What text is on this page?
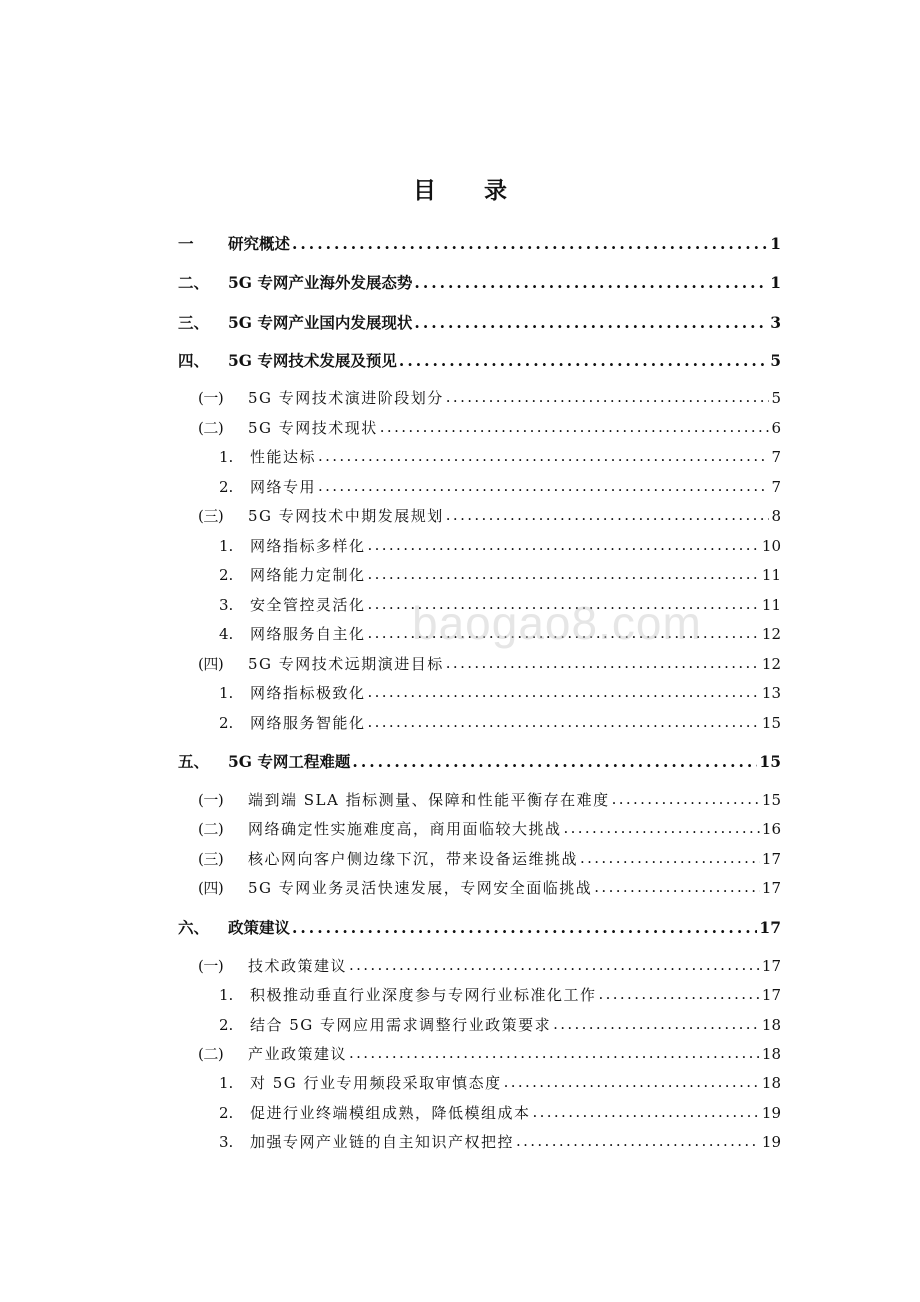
目 录
一	研究概述 . . .	1
二、	5G 专网产业海外发展态势 . . .	1
三、	5G 专网产业国内发展现状 . . .	3
四、	5G 专网技术发展及预见 . . .	5
(一)	5G 专网技术演进阶段划分 . . .	5
(二)	5G 专网技术现状 . . .	6
1.	性能达标 . . .	7
2.	网络专用 . . .	7
(三)	5G 专网技术中期发展规划 . . .	8
1.	网络指标多样化 . . .	10
2.	网络能力定制化 . . .	11
3.	安全管控灵活化 . . .	11
4.	网络服务自主化 . . .	12
(四)	5G 专网技术远期演进目标 . . .	12
1.	网络指标极致化 . . .	13
2.	网络服务智能化 . . .	15
五、	5G 专网工程难题 . . .	15
(一)	端到端 SLA 指标测量、保障和性能平衡存在难度 . . .	15
(二)	网络确定性实施难度高，商用面临较大挑战 . . .	16
(三)	核心网向客户侧边缘下沉，带来设备运维挑战 . . .	17
(四)	5G 专网业务灵活快速发展，专网安全面临挑战 . . .	17
六、	政策建议 . . .	17
(一)	技术政策建议 . . .	17
1.	积极推动垂直行业深度参与专网行业标准化工作 . . .	17
2.	结合 5G 专网应用需求调整行业政策要求 . . .	18
(二)	产业政策建议 . . .	18
1.	对 5G 行业专用频段采取审慎态度 . . .	18
2.	促进行业终端模组成熟，降低模组成本 . . .	19
3.	加强专网产业链的自主知识产权把控 . . .	19
baogao8.com
